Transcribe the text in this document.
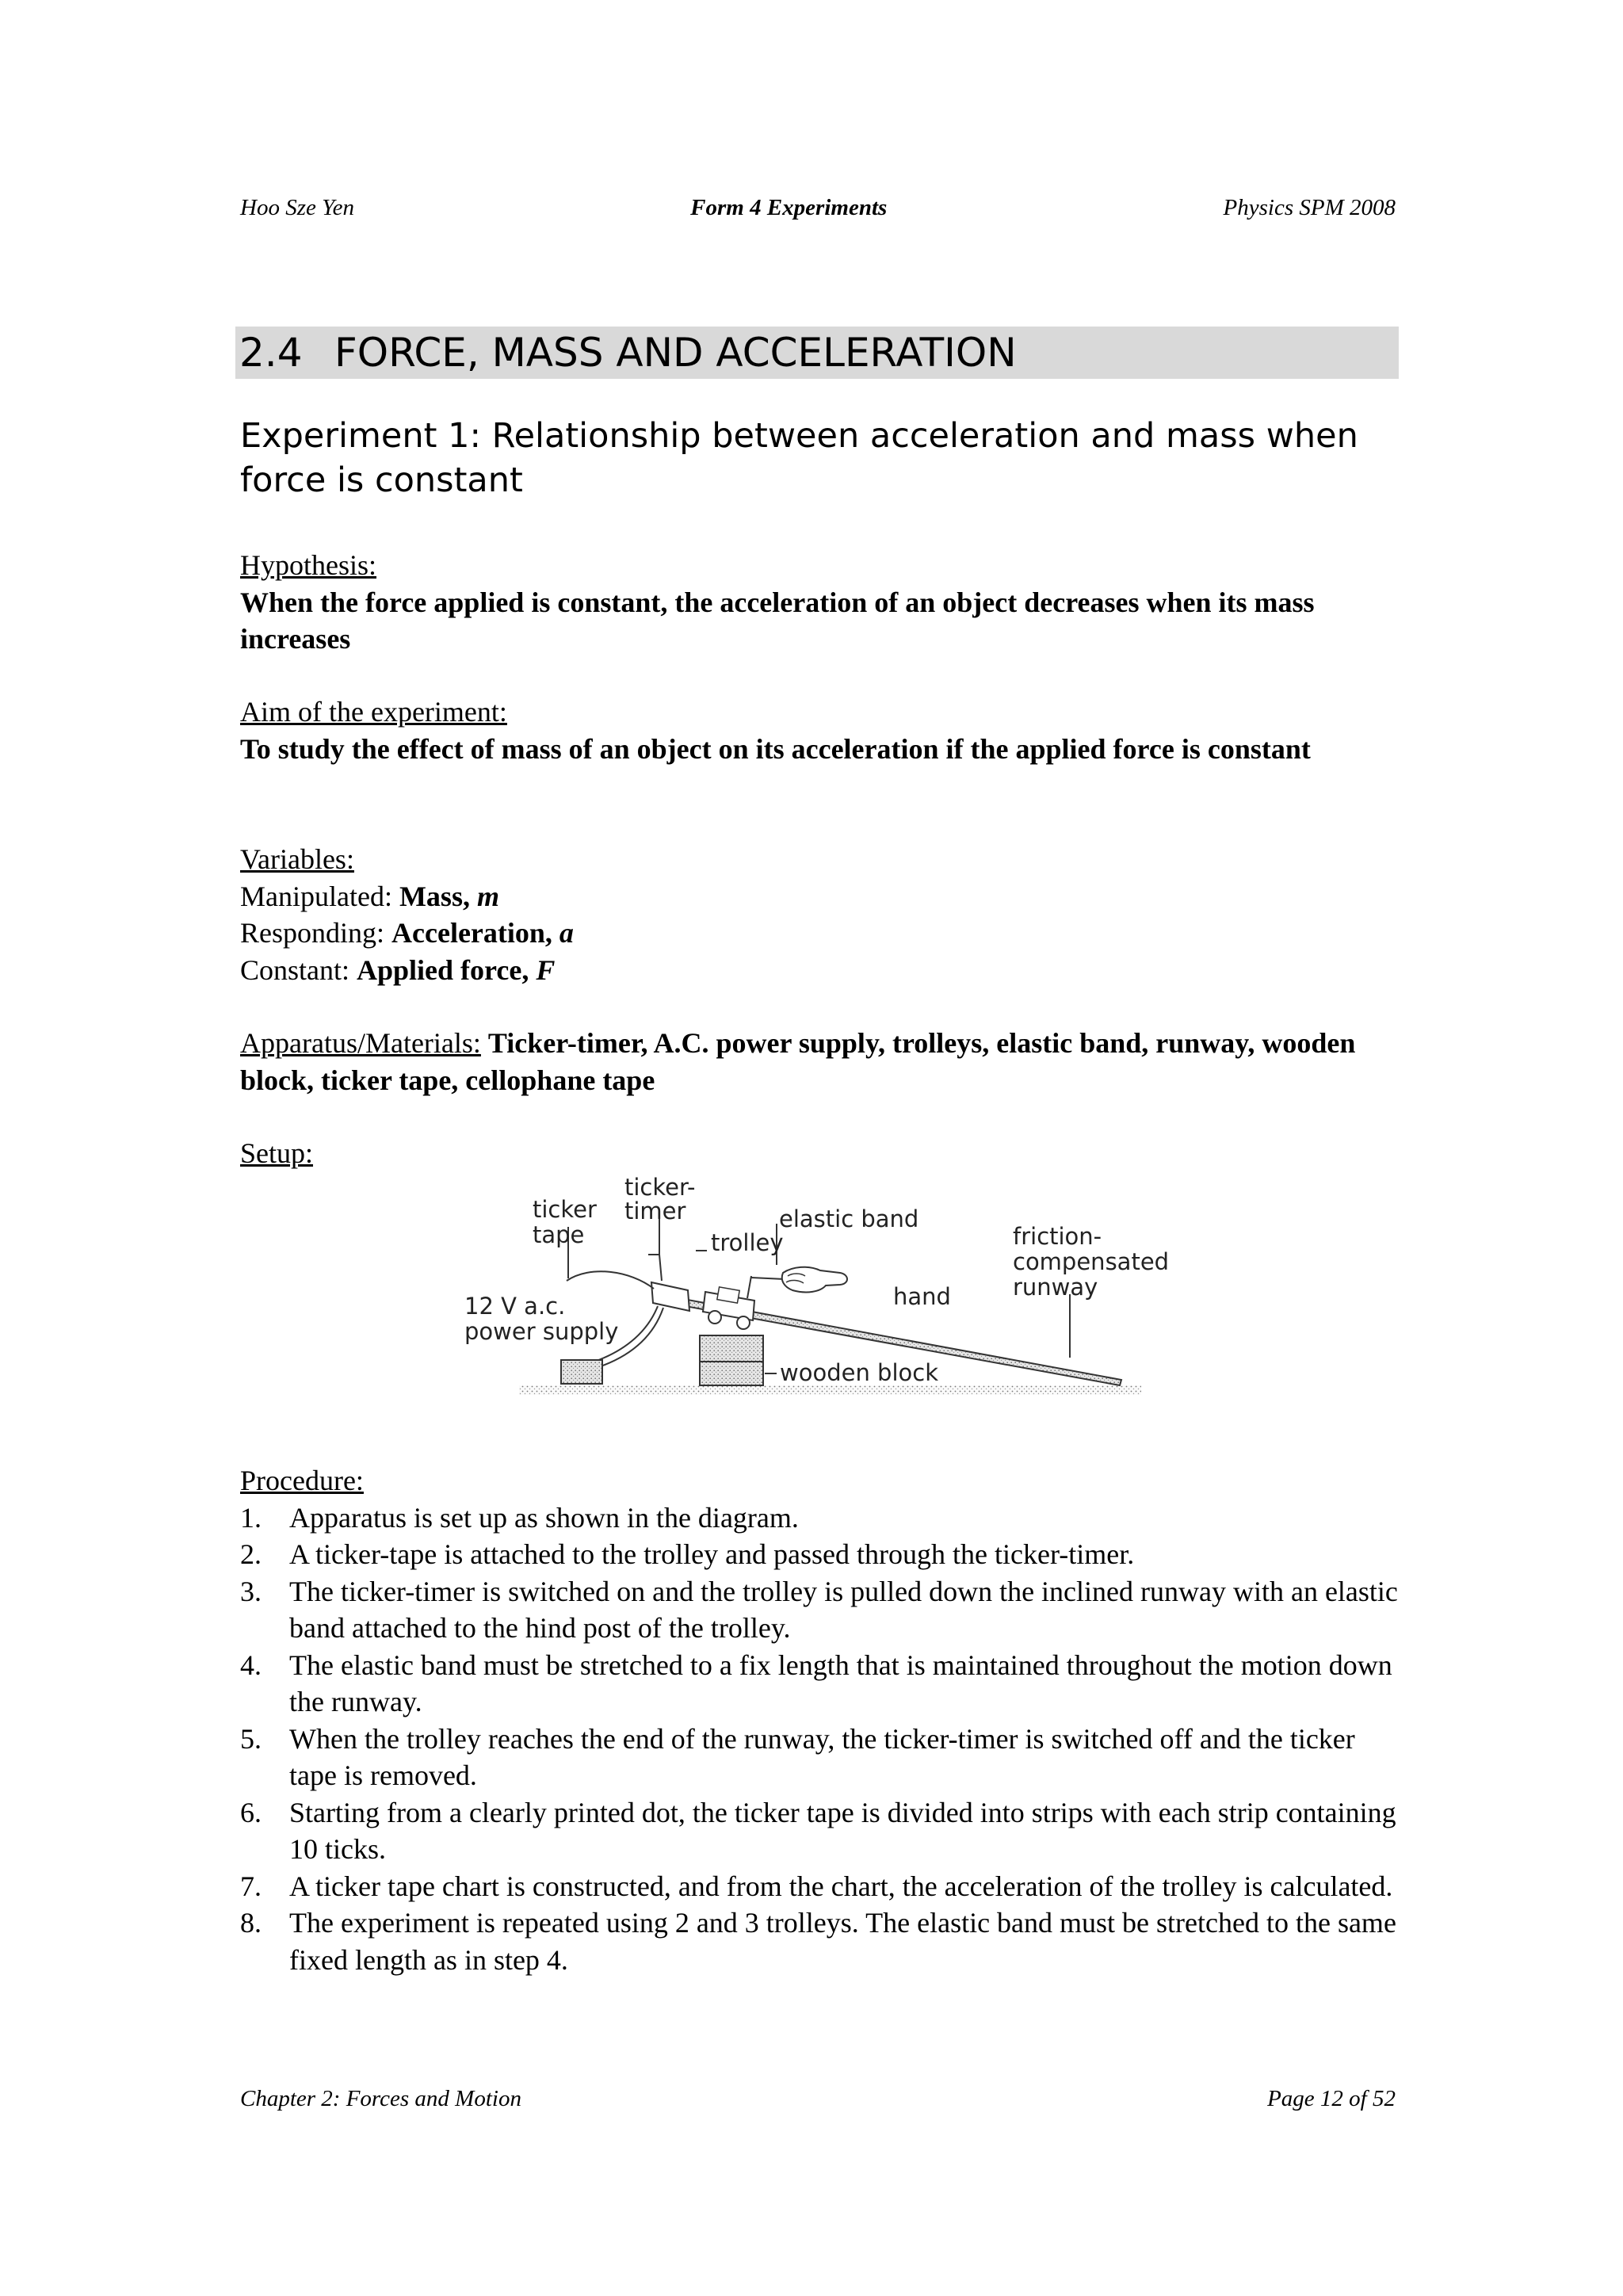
Hoo Sze Yen	Form 4 Experiments	Physics SPM 2008
2.4 FORCE, MASS AND ACCELERATION
Experiment 1: Relationship between acceleration and mass when force is constant
Hypothesis:
When the force applied is constant, the acceleration of an object decreases when its mass increases
Aim of the experiment:
To study the effect of mass of an object on its acceleration if the applied force is constant
Variables:
Manipulated: Mass, m
Responding: Acceleration, a
Constant: Applied force, F
Apparatus/Materials: Ticker-timer, A.C. power supply, trolleys, elastic band, runway, wooden block, ticker tape, cellophane tape
Setup:
ticker
tape
ticker-
timer
trolley
elastic band
hand
friction-
compensated
runway
12 V a.c.
power supply
wooden block
Procedure:
1. Apparatus is set up as shown in the diagram.
2. A ticker-tape is attached to the trolley and passed through the ticker-timer.
3. The ticker-timer is switched on and the trolley is pulled down the inclined runway with an elastic band attached to the hind post of the trolley.
4. The elastic band must be stretched to a fix length that is maintained throughout the motion down the runway.
5. When the trolley reaches the end of the runway, the ticker-timer is switched off and the ticker tape is removed.
6. Starting from a clearly printed dot, the ticker tape is divided into strips with each strip containing 10 ticks.
7. A ticker tape chart is constructed, and from the chart, the acceleration of the trolley is calculated.
8. The experiment is repeated using 2 and 3 trolleys. The elastic band must be stretched to the same fixed length as in step 4.
Chapter 2: Forces and Motion	Page 12 of 52
